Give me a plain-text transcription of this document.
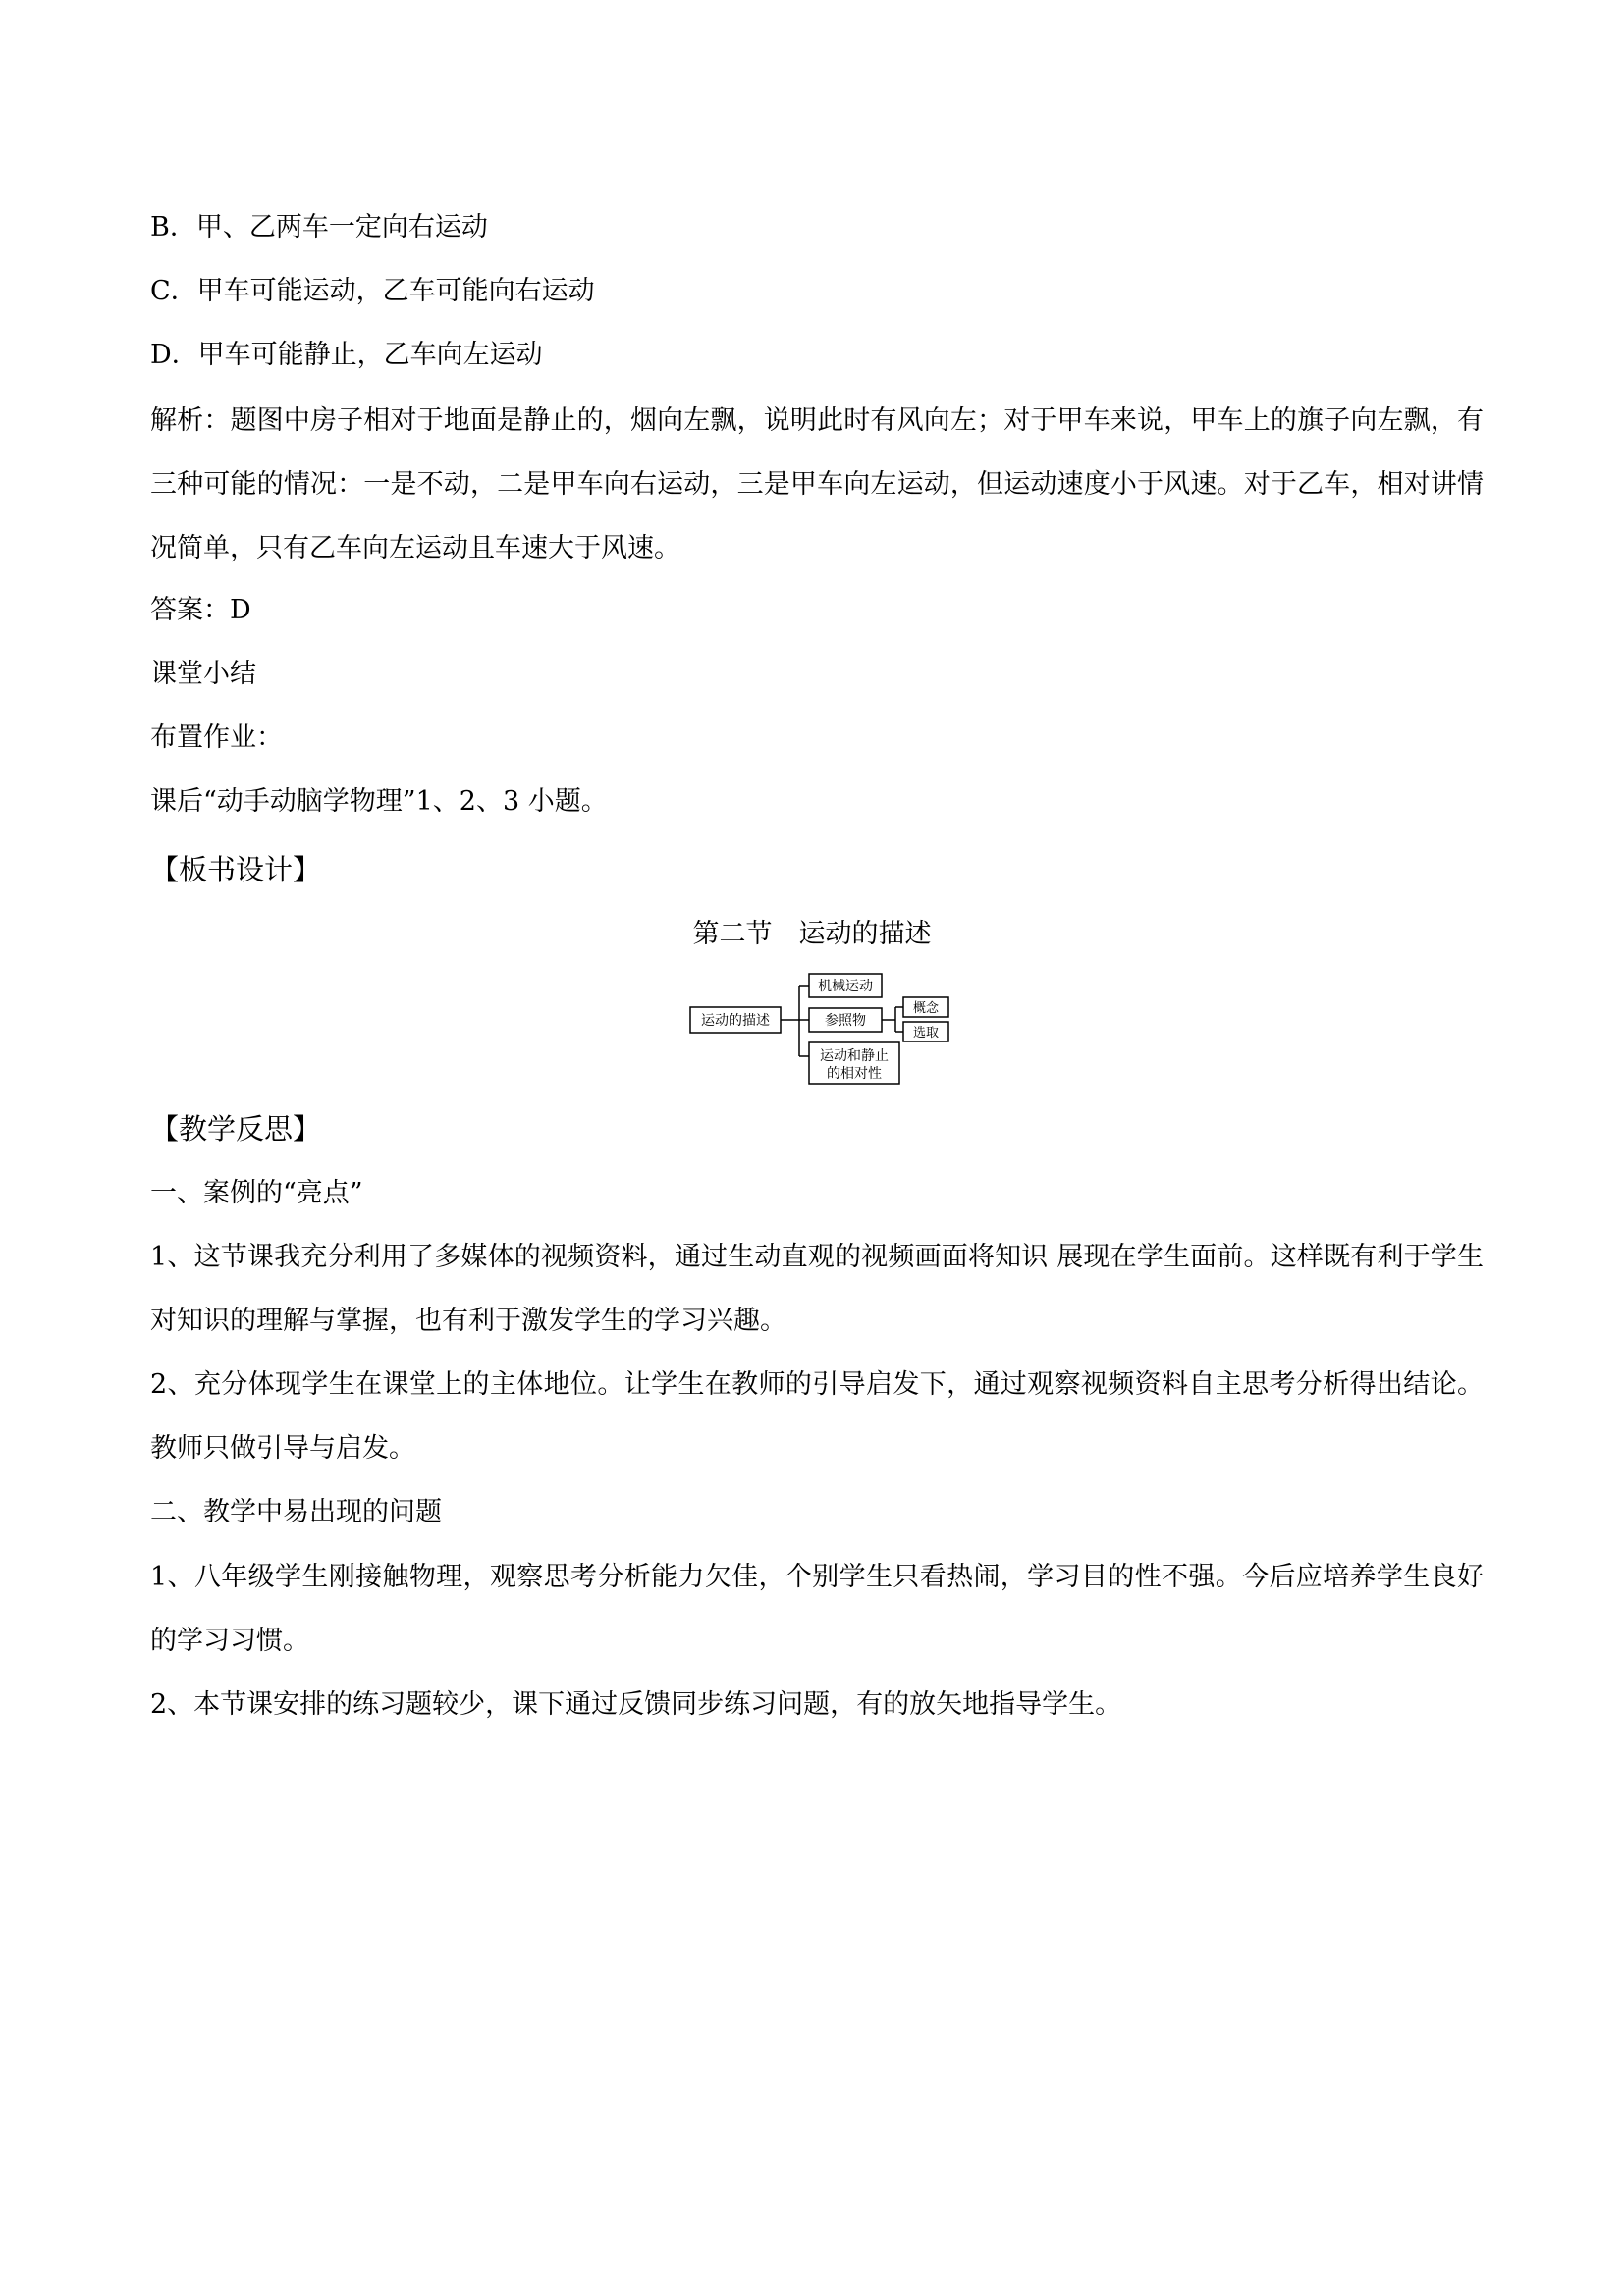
B．甲、乙两车一定向右运动
C．甲车可能运动，乙车可能向右运动
D．甲车可能静止，乙车向左运动
解析：题图中房子相对于地面是静止的，烟向左飘，说明此时有风向左；对于甲车来说，甲车上的旗子向左飘，有三种可能的情况：一是不动，二是甲车向右运动，三是甲车向左运动，但运动速度小于风速。对于乙车，相对讲情况简单，只有乙车向左运动且车速大于风速。
答案：D
课堂小结
布置作业：
课后“动手动脑学物理”1、2、3 小题。
【板书设计】
第二节　运动的描述
运动的描述
机械运动
参照物
运动和静止
的相对性
概念
选取
【教学反思】
一、案例的“亮点”
1、这节课我充分利用了多媒体的视频资料，通过生动直观的视频画面将知识 展现在学生面前。这样既有利于学生对知识的理解与掌握，也有利于激发学生的学习兴趣。
2、充分体现学生在课堂上的主体地位。让学生在教师的引导启发下，通过观察视频资料自主思考分析得出结论。教师只做引导与启发。
二、教学中易出现的问题
1、八年级学生刚接触物理，观察思考分析能力欠佳，个别学生只看热闹，学习目的性不强。今后应培养学生良好的学习习惯。
2、本节课安排的练习题较少，课下通过反馈同步练习问题，有的放矢地指导学生。
